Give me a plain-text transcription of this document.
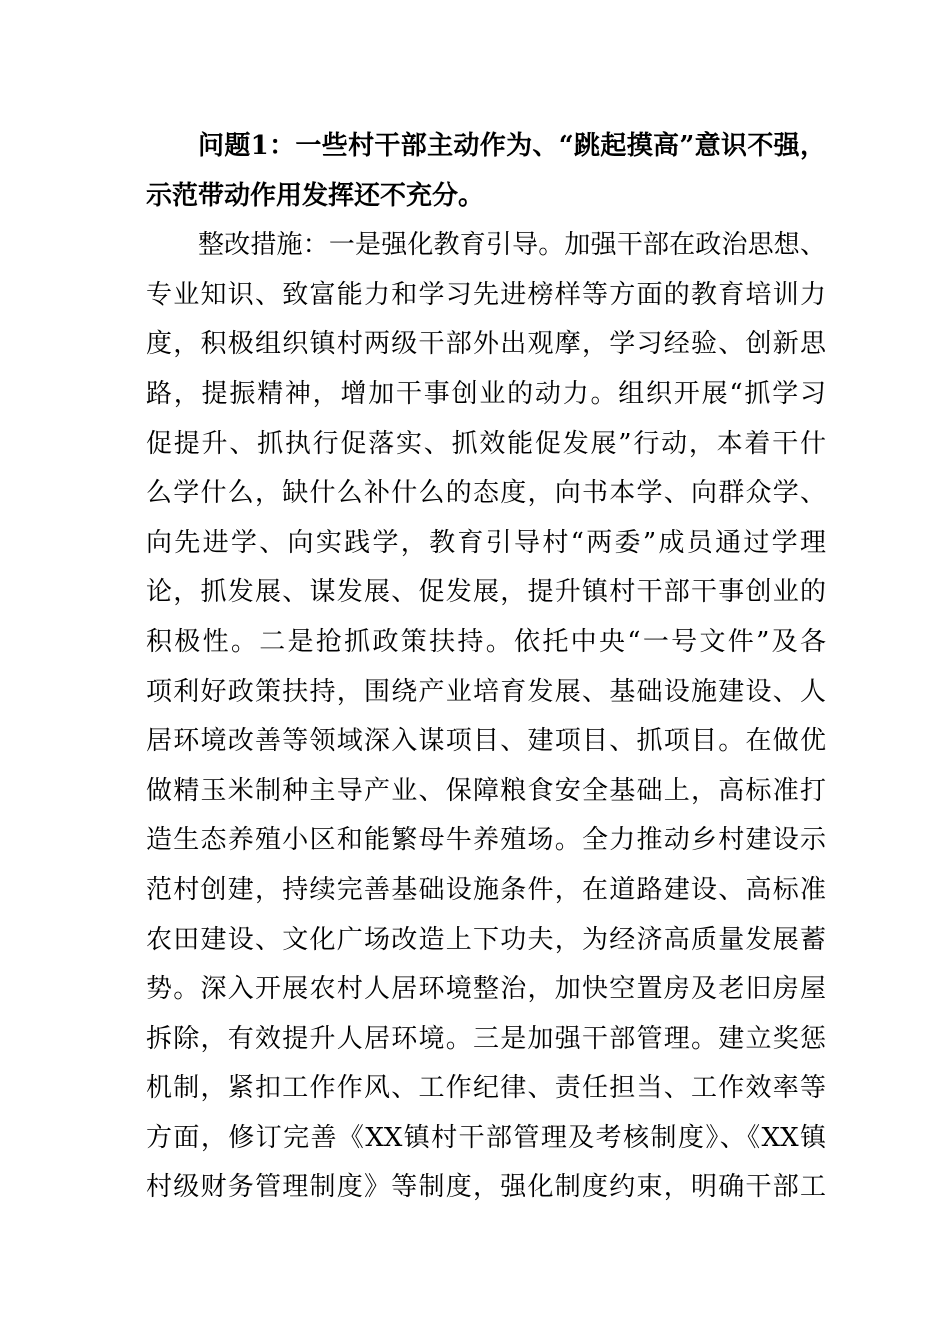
问题1：一些村干部主动作为、“跳起摸高”意识不强，
示范带动作用发挥还不充分。
整改措施：一是强化教育引导。加强干部在政治思想、
专业知识、致富能力和学习先进榜样等方面的教育培训力
度，积极组织镇村两级干部外出观摩，学习经验、创新思
路，提振精神，增加干事创业的动力。组织开展“抓学习
促提升、抓执行促落实、抓效能促发展”行动，本着干什
么学什么，缺什么补什么的态度，向书本学、向群众学、
向先进学、向实践学，教育引导村“两委”成员通过学理
论，抓发展、谋发展、促发展，提升镇村干部干事创业的
积极性。二是抢抓政策扶持。依托中央“一号文件”及各
项利好政策扶持，围绕产业培育发展、基础设施建设、人
居环境改善等领域深入谋项目、建项目、抓项目。在做优
做精玉米制种主导产业、保障粮食安全基础上，高标准打
造生态养殖小区和能繁母牛养殖场。全力推动乡村建设示
范村创建，持续完善基础设施条件，在道路建设、高标准
农田建设、文化广场改造上下功夫，为经济高质量发展蓄
势。深入开展农村人居环境整治，加快空置房及老旧房屋
拆除，有效提升人居环境。三是加强干部管理。建立奖惩
机制，紧扣工作作风、工作纪律、责任担当、工作效率等
方面，修订完善《XX镇村干部管理及考核制度》、《XX镇
村级财务管理制度》等制度，强化制度约束，明确干部工
